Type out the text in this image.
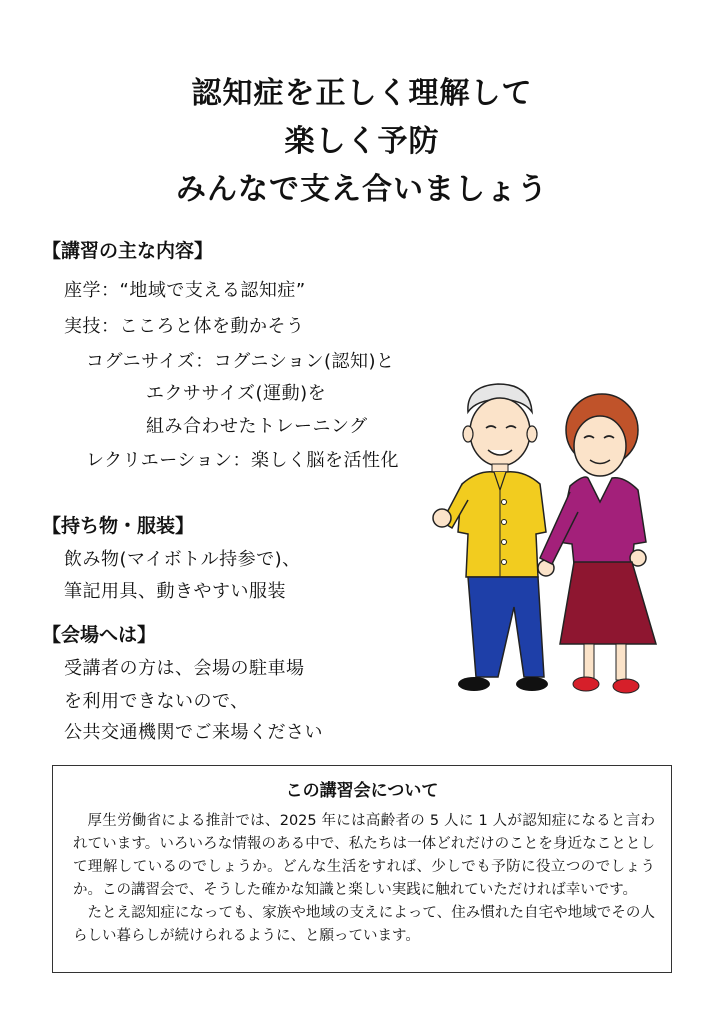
認知症を正しく理解して
楽しく予防
みんなで支え合いましょう
【講習の主な内容】
座学：“地域で支える認知症”
実技：こころと体を動かそう
コグニサイズ：コグニション(認知)と
エクササイズ(運動)を
組み合わせたトレーニング
レクリエーション：楽しく脳を活性化
【持ち物・服装】
飲み物(マイボトル持参で)、
筆記用具、動きやすい服装
【会場へは】
受講者の方は、会場の駐車場
を利用できないので、
公共交通機関でご来場ください
この講習会について
厚生労働省による推計では、2025 年には高齢者の 5 人に 1 人が認知症になると言われています。いろいろな情報のある中で、私たちは一体どれだけのことを身近なこととして理解しているのでしょうか。どんな生活をすれば、少しでも予防に役立つのでしょうか。この講習会で、そうした確かな知識と楽しい実践に触れていただければ幸いです。
たとえ認知症になっても、家族や地域の支えによって、住み慣れた自宅や地域でその人らしい暮らしが続けられるように、と願っています。
